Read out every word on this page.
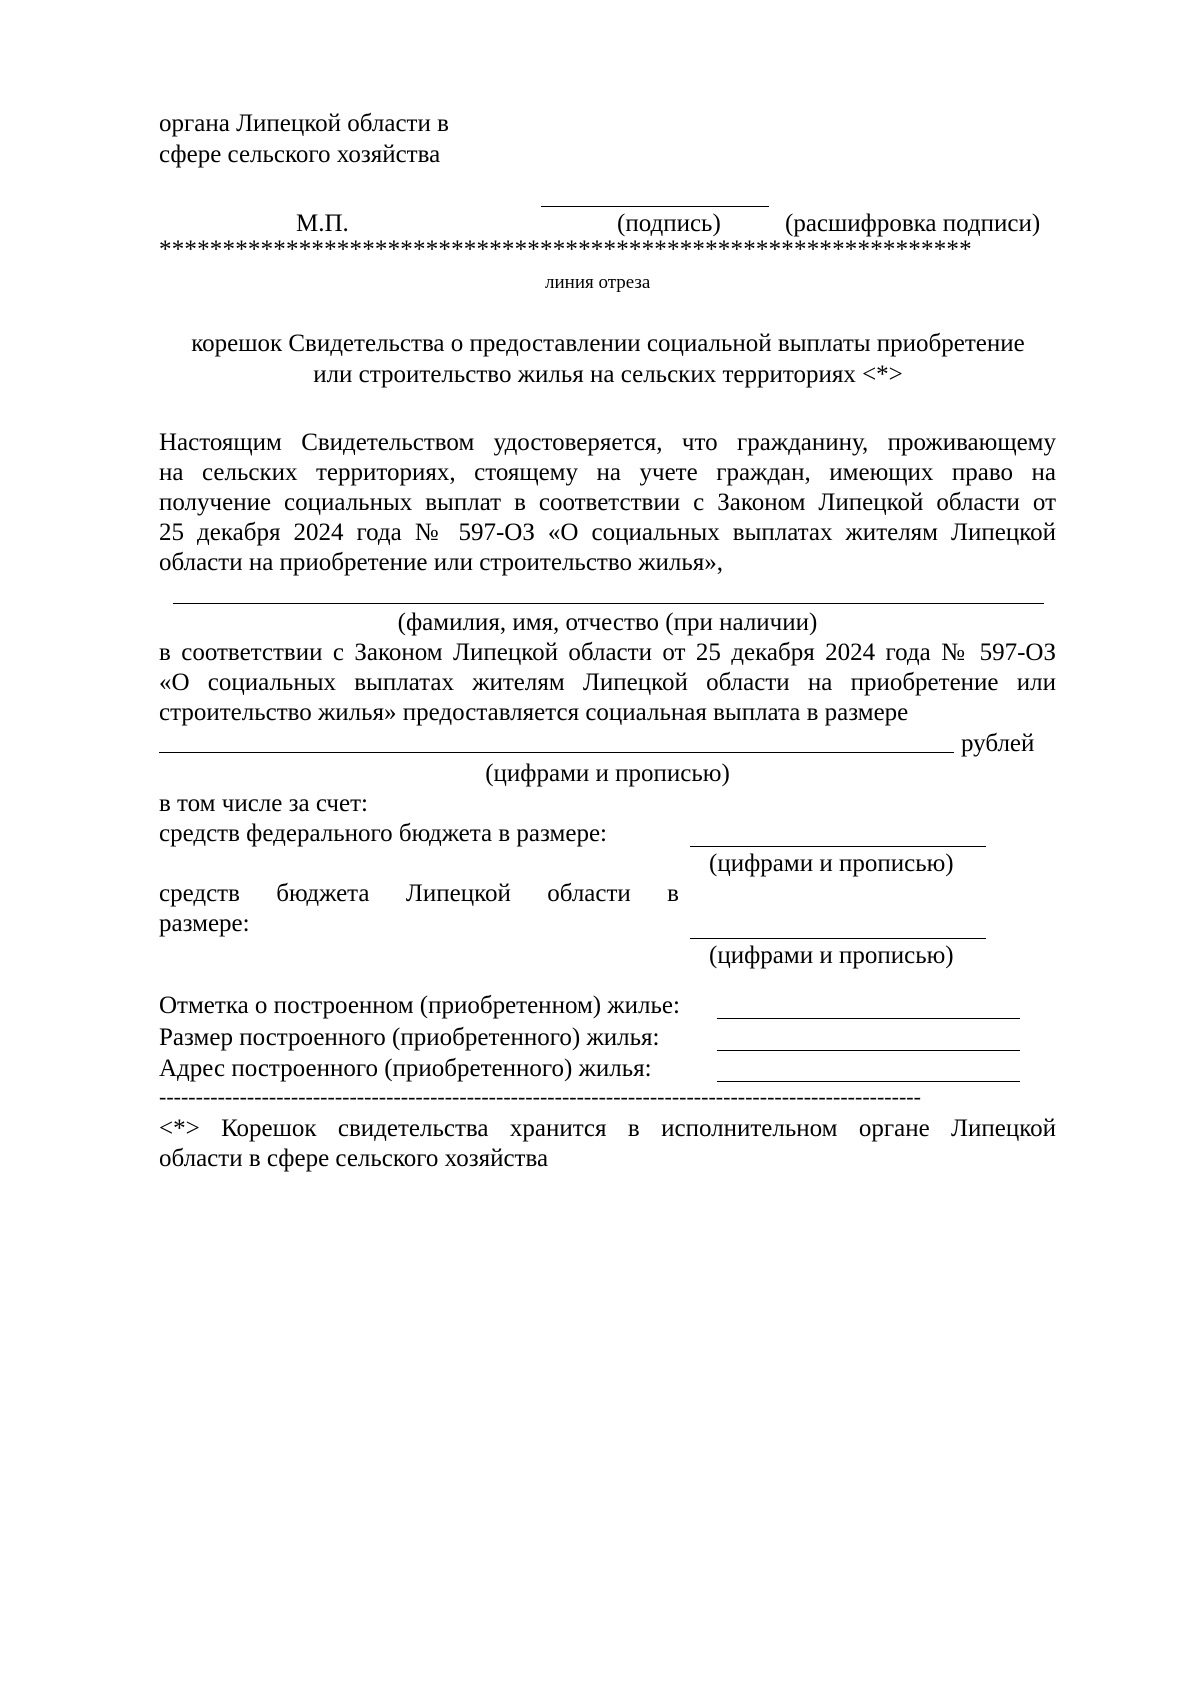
органа Липецкой области в
сфере сельского хозяйства
М.П.	(подпись)	(расшифровка подписи)
****************************************************************
линия отреза
корешок Свидетельства о предоставлении социальной выплаты приобретение
или строительство жилья на сельских территориях <*>
Настоящим Свидетельством удостоверяется, что гражданину, проживающему
на сельских территориях, стоящему на учете граждан, имеющих право на
получение социальных выплат в соответствии с Законом Липецкой области от
25 декабря 2024 года № 597-ОЗ «О социальных выплатах жителям Липецкой
области на приобретение или строительство жилья»,
(фамилия, имя, отчество (при наличии)
в соответствии с Законом Липецкой области от 25 декабря 2024 года № 597-ОЗ
«О социальных выплатах жителям Липецкой области на приобретение или
строительство жилья» предоставляется социальная выплата в размере
рублей
(цифрами и прописью)
в том числе за счет:
средств федерального бюджета в размере:
(цифрами и прописью)
средств бюджета Липецкой области в
размере:
(цифрами и прописью)
Отметка о построенном (приобретенном) жилье:
Размер построенного (приобретенного) жилья:
Адрес построенного (приобретенного) жилья:
--------------------------------------------------------------------------------------------------------
<*> Корешок свидетельства хранится в исполнительном органе Липецкой
области в сфере сельского хозяйства
